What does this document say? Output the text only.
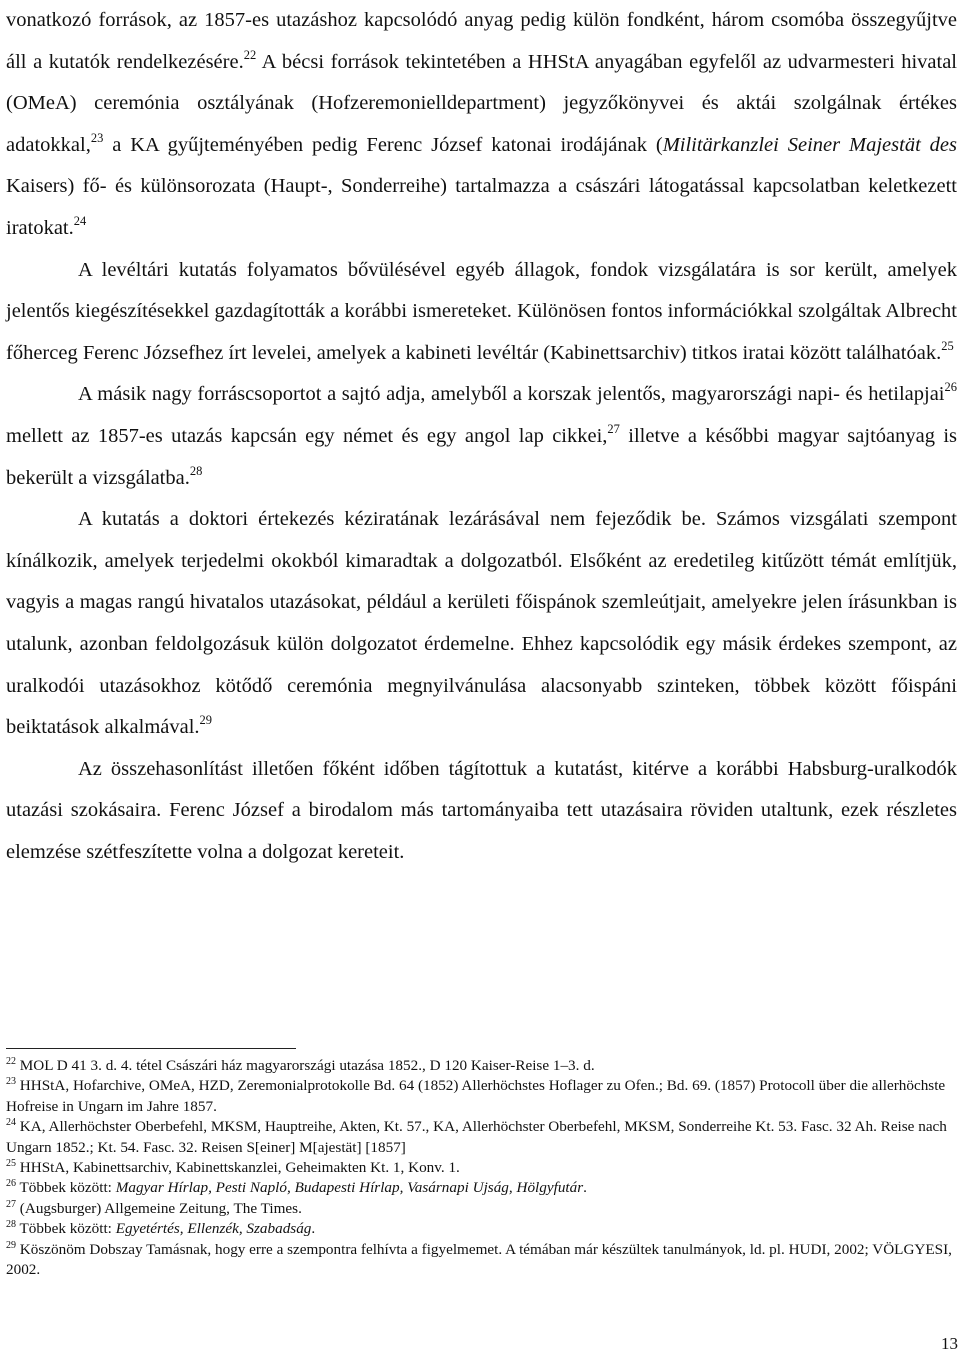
vonatkozó források, az 1857-es utazáshoz kapcsolódó anyag pedig külön fondként, három csomóba összegyűjtve áll a kutatók rendelkezésére.$^{22}$ A bécsi források tekintetében a HHStA anyagában egyfelől az udvarmesteri hivatal (OMeA) ceremónia osztályának (Hofzeremonielldepartment) jegyzőkönyvei és aktái szolgálnak értékes adatokkal,$^{23}$ a KA gyűjteményében pedig Ferenc József katonai irodájának (Militärkanzlei Seiner Majestät des Kaisers) fő- és különsorozata (Haupt-, Sonderreihe) tartalmazza a császári látogatással kapcsolatban keletkezett iratokat.$^{24}$

A levéltári kutatás folyamatos bővülésével egyéb állagok, fondok vizsgálatára is sor került, amelyek jelentős kiegészítésekkel gazdagították a korábbi ismereteket. Különösen fontos információkkal szolgáltak Albrecht főherceg Ferenc Józsefhez írt levelei, amelyek a kabineti levéltár (Kabinettsarchiv) titkos iratai között találhatóak.$^{25}$

A másik nagy forráscsoportot a sajtó adja, amelyből a korszak jelentős, magyarországi napi- és hetilapjai$^{26}$ mellett az 1857-es utazás kapcsán egy német és egy angol lap cikkei,$^{27}$ illetve a későbbi magyar sajtóanyag is bekerült a vizsgálatba.$^{28}$

A kutatás a doktori értekezés kéziratának lezárásával nem fejeződik be. Számos vizsgálati szempont kínálkozik, amelyek terjedelmi okokból kimaradtak a dolgozatból. Elsőként az eredetileg kitűzött témát említjük, vagyis a magas rangú hivatalos utazásokat, például a kerületi főispánok szemleútjait, amelyekre jelen írásunkban is utalunk, azonban feldolgozásuk külön dolgozatot érdemelne. Ehhez kapcsolódik egy másik érdekes szempont, az uralkodói utazásokhoz kötődő ceremónia megnyilvánulása alacsonyabb szinteken, többek között főispáni beiktatások alkalmával.$^{29}$

Az összehasonlítást illetően főként időben tágítottuk a kutatást, kitérve a korábbi Habsburg-uralkodók utazási szokásaira. Ferenc József a birodalom más tartományaiba tett utazásaira röviden utaltunk, ezek részletes elemzése szétfeszítette volna a dolgozat kereteit.

$^{22}$ MOL D 41 3. d. 4. tétel Császári ház magyarországi utazása 1852., D 120 Kaiser-Reise 1–3. d.

$^{23}$ HHStA, Hofarchive, OMeA, HZD, Zeremonialprotokolle Bd. 64 (1852) Allerhöchstes Hoflager zu Ofen.; Bd. 69. (1857) Protocoll über die allerhöchste Hofreise in Ungarn im Jahre 1857.

$^{24}$ KA, Allerhöchster Oberbefehl, MKSM, Hauptreihe, Akten, Kt. 57., KA, Allerhöchster Oberbefehl, MKSM, Sonderreihe Kt. 53. Fasc. 32 Ah. Reise nach Ungarn 1852.; Kt. 54. Fasc. 32. Reisen S[einer] M[ajestät] [1857]

$^{25}$ HHStA, Kabinettsarchiv, Kabinettskanzlei, Geheimakten Kt. 1, Konv. 1.

$^{26}$ Többek között: Magyar Hírlap, Pesti Napló, Budapesti Hírlap, Vasárnapi Ujság, Hölgyfutár.

$^{27}$ (Augsburger) Allgemeine Zeitung, The Times.

$^{28}$ Többek között: Egyetértés, Ellenzék, Szabadság.

$^{29}$ Köszönöm Dobszay Tamásnak, hogy erre a szempontra felhívta a figyelmemet. A témában már készültek tanulmányok, ld. pl. HUDI, 2002; VÖLGYESI, 2002.

13
